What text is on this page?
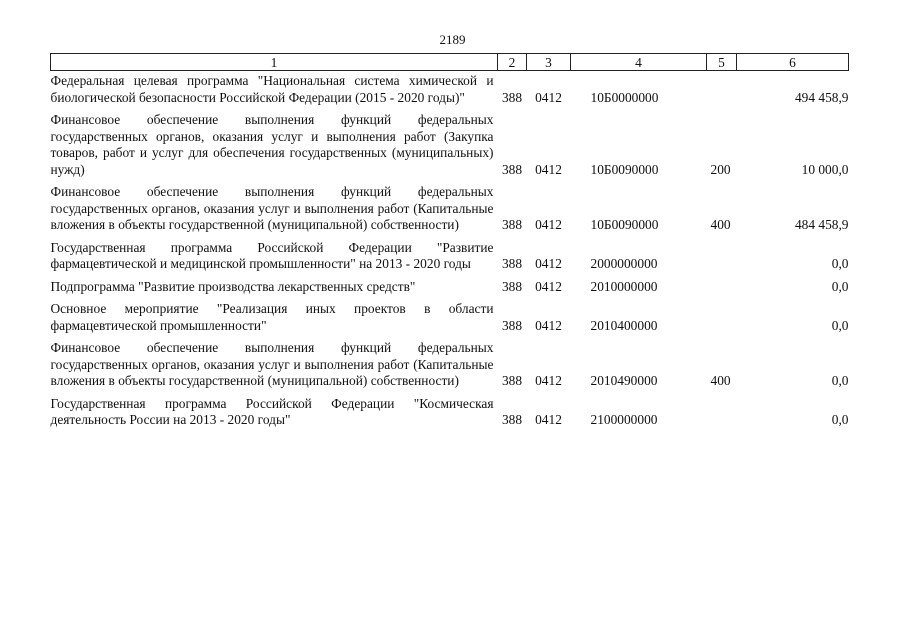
2189
1	2	3	4	5	6
Федеральная целевая программа "Национальная система химической и биологической безопасности Российской Федерации (2015 - 2020 годы)"	388	0412	10Б0000000		494 458,9
Финансовое обеспечение выполнения функций федеральных государственных органов, оказания услуг и выполнения работ (Закупка товаров, работ и услуг для обеспечения государственных (муниципальных) нужд)	388	0412	10Б0090000	200	10 000,0
Финансовое обеспечение выполнения функций федеральных государственных органов, оказания услуг и выполнения работ (Капитальные вложения в объекты государственной (муниципальной) собственности)	388	0412	10Б0090000	400	484 458,9
Государственная программа Российской Федерации "Развитие фармацевтической и медицинской промышленности" на 2013 - 2020 годы	388	0412	2000000000		0,0
Подпрограмма "Развитие производства лекарственных средств"	388	0412	2010000000		0,0
Основное мероприятие "Реализация иных проектов в области фармацевтической промышленности"	388	0412	2010400000		0,0
Финансовое обеспечение выполнения функций федеральных государственных органов, оказания услуг и выполнения работ (Капитальные вложения в объекты государственной (муниципальной) собственности)	388	0412	2010490000	400	0,0
Государственная программа Российской Федерации "Космическая деятельность России на 2013 - 2020 годы"	388	0412	2100000000		0,0
